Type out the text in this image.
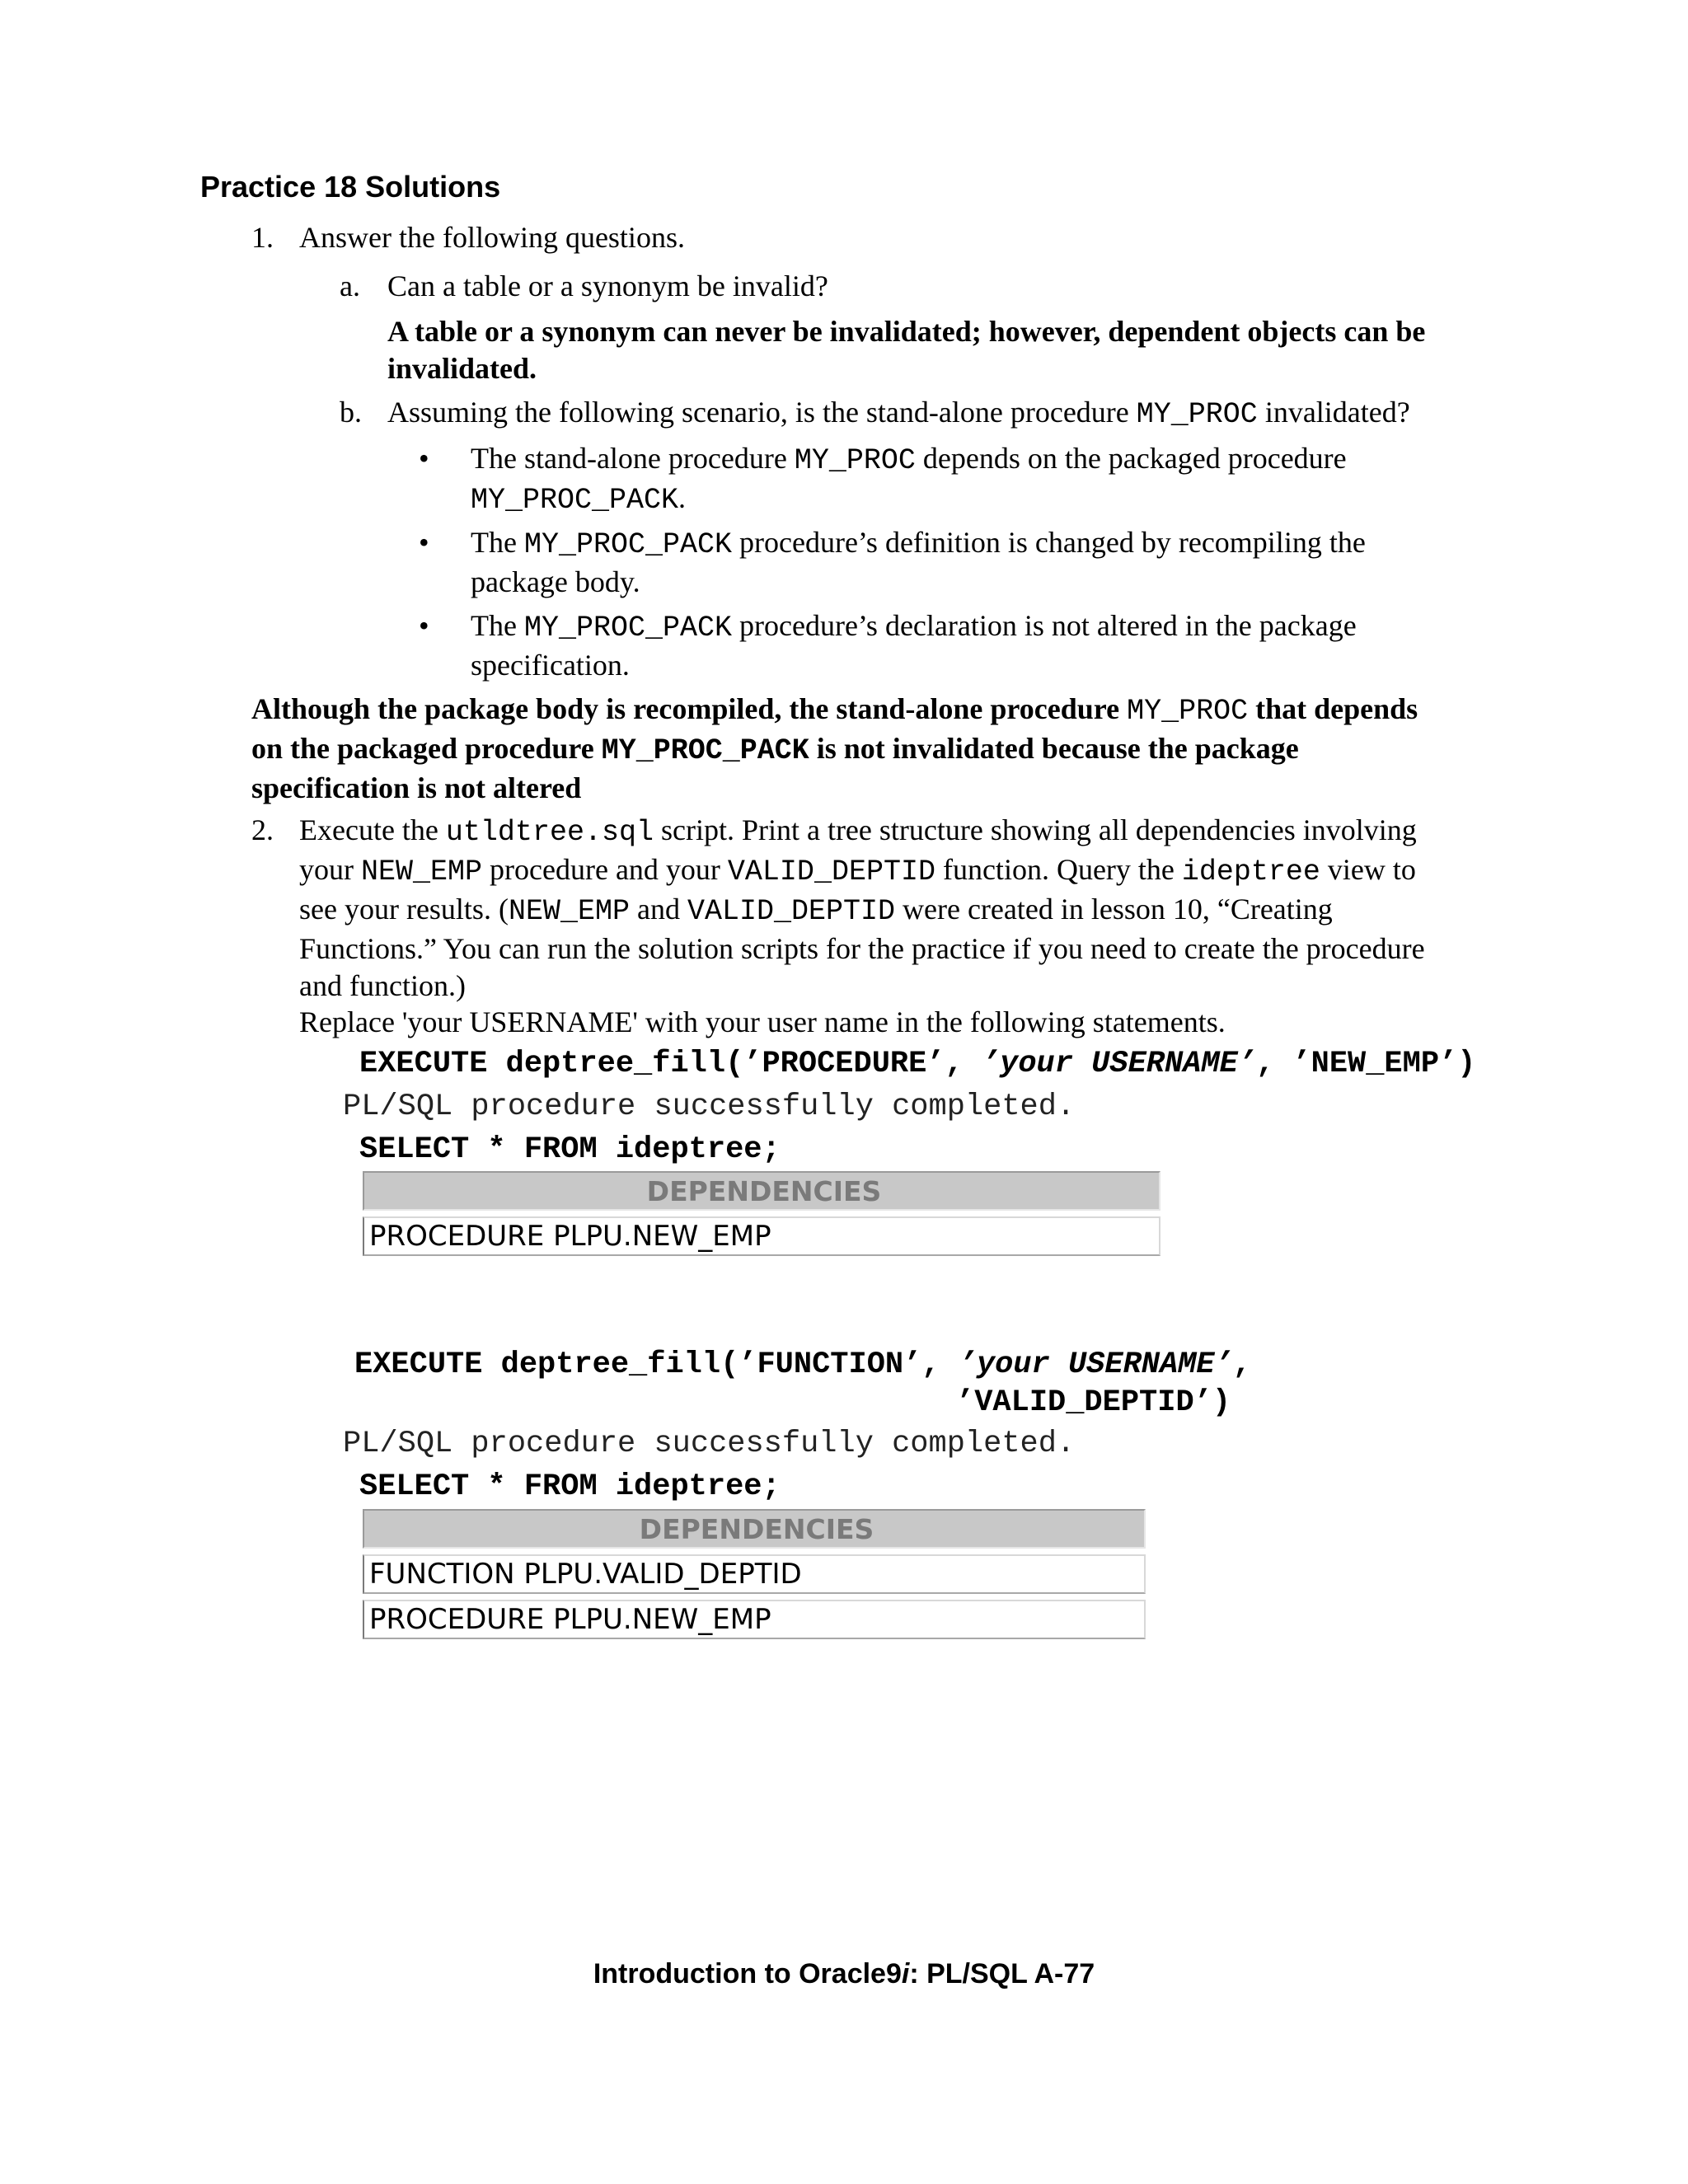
Practice 18 Solutions
1. Answer the following questions.
a. Can a table or a synonym be invalid?
A table or a synonym can never be invalidated; however, dependent objects can be
invalidated.
b. Assuming the following scenario, is the stand-alone procedure MY_PROC invalidated?
• The stand-alone procedure MY_PROC depends on the packaged procedure
MY_PROC_PACK.
• The MY_PROC_PACK procedure’s definition is changed by recompiling the
package body.
• The MY_PROC_PACK procedure’s declaration is not altered in the package
specification.
Although the package body is recompiled, the stand-alone procedure MY_PROC that depends
on the packaged procedure MY_PROC_PACK is not invalidated because the package
specification is not altered
2. Execute the utldtree.sql script. Print a tree structure showing all dependencies involving
your NEW_EMP procedure and your VALID_DEPTID function. Query the ideptree view to
see your results. (NEW_EMP and VALID_DEPTID were created in lesson 10, “Creating
Functions.” You can run the solution scripts for the practice if you need to create the procedure
and function.)
Replace 'your USERNAME' with your user name in the following statements.
EXECUTE deptree_fill(’PROCEDURE’, ’your USERNAME’, ’NEW_EMP’)
PL/SQL procedure successfully completed.
SELECT * FROM ideptree;
DEPENDENCIES
PROCEDURE PLPU.NEW_EMP
EXECUTE deptree_fill(’FUNCTION’, ’your USERNAME’,
’VALID_DEPTID’)
PL/SQL procedure successfully completed.
SELECT * FROM ideptree;
DEPENDENCIES
FUNCTION PLPU.VALID_DEPTID
PROCEDURE PLPU.NEW_EMP
Introduction to Oracle9i: PL/SQL A-77
